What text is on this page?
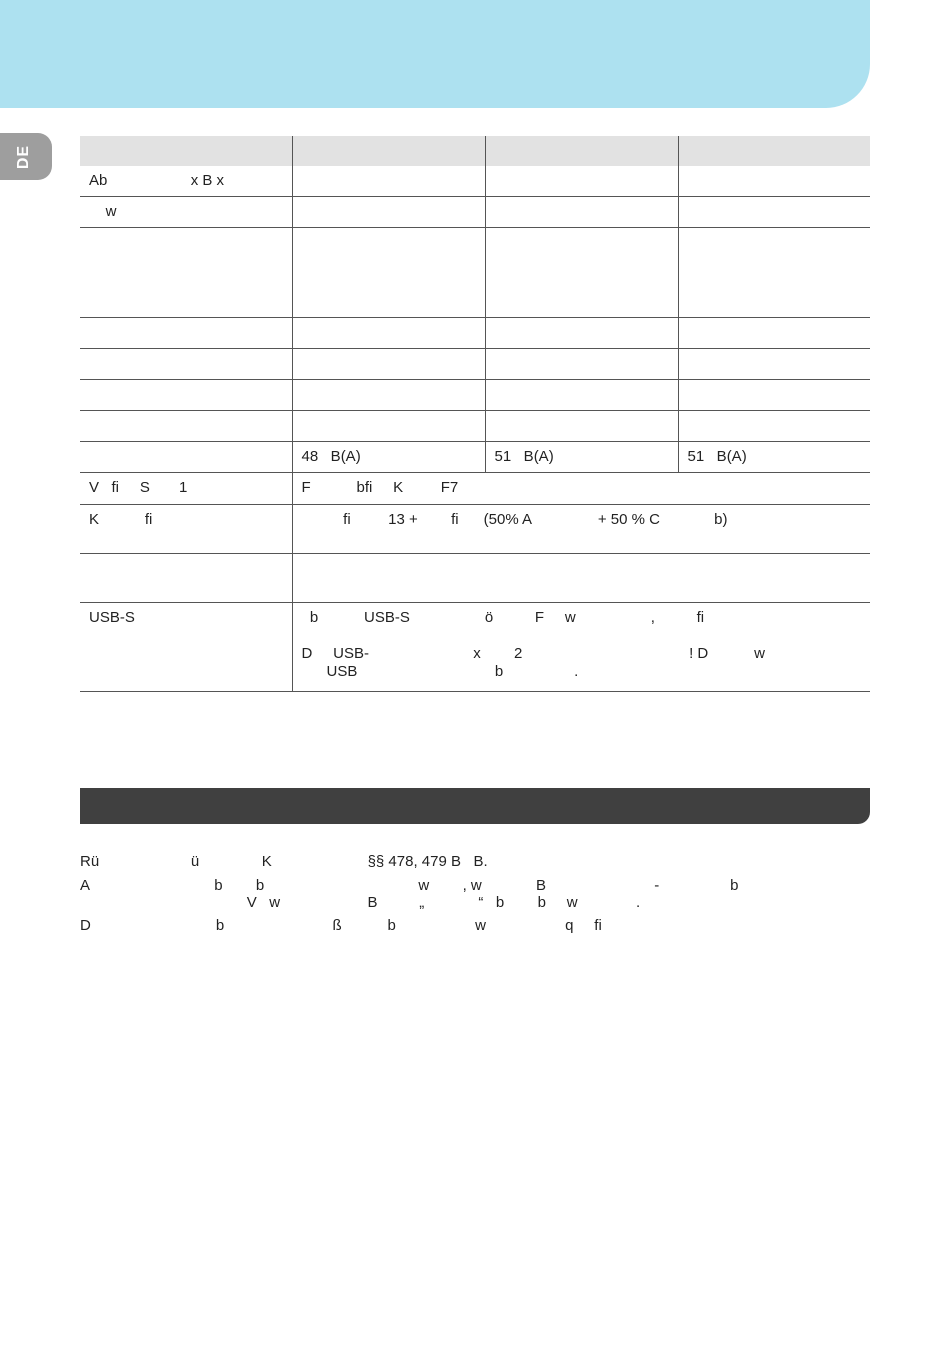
DE

Ab                    x B x			
w			

	48   B(A)	51   B(A)	51   B(A)
V   fi     S       1	F           bfi     K         F7		
K           fi	fi         13 +        fi      (50% A                + 50 % C             b)		

USB-S	b           USB-S                  ö          F     w                  ,          fi
D     USB-                         x        2                                        ! D           w
USB                                 b                 .		
Rü                      ü               K                       §§ 478, 479 B   B.
A                              b        b                                     w        , w             B                          -                 b
V   w                     B          „             “   b        b     w              .
D                              b                          ß           b                   w                   q     fi
